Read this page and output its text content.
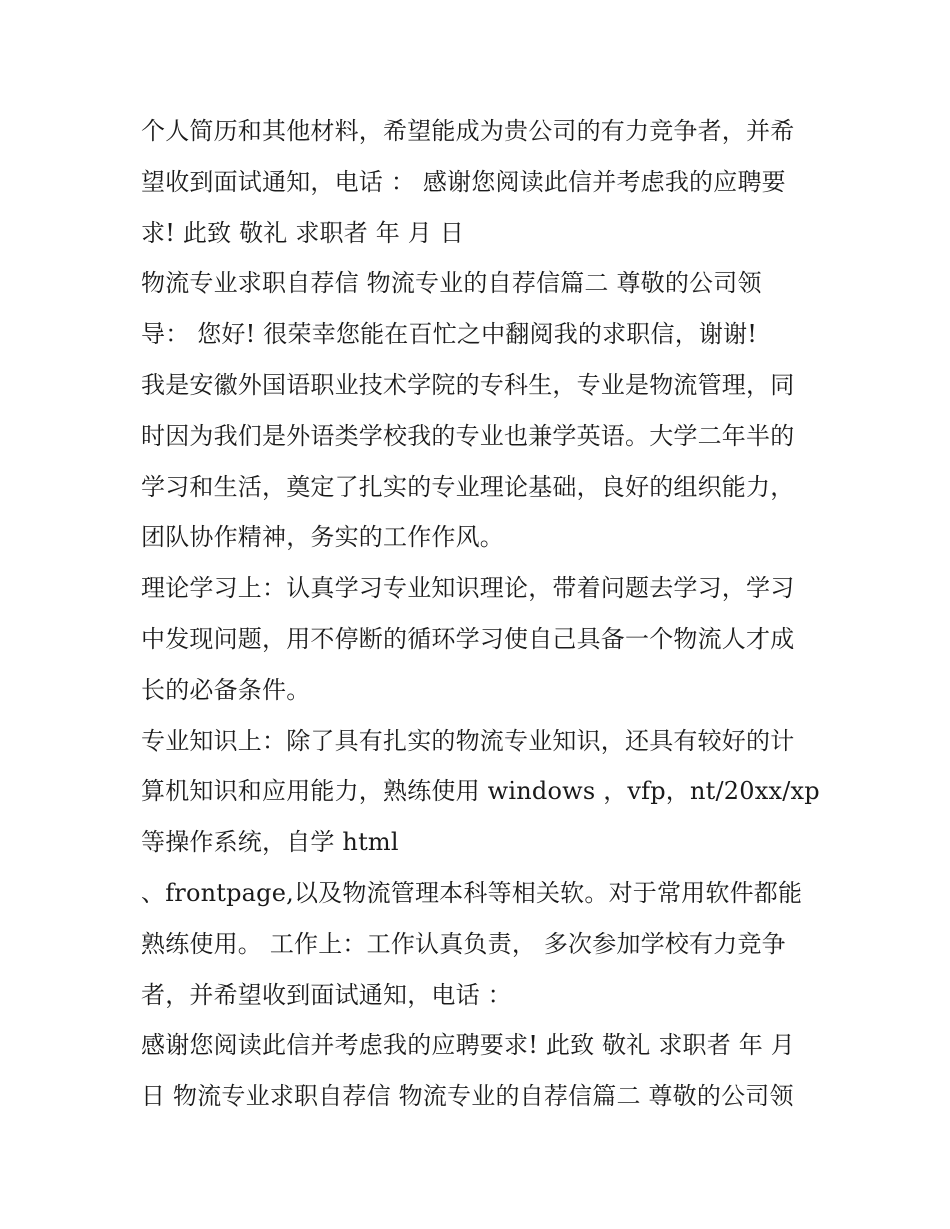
个人简历和其他材料，希望能成为贵公司的有力竞争者，并希
望收到面试通知，电话 ： 感谢您阅读此信并考虑我的应聘要
求! 此致 敬礼 求职者 年 月 日
物流专业求职自荐信 物流专业的自荐信篇二 尊敬的公司领
导： 您好! 很荣幸您能在百忙之中翻阅我的求职信，谢谢!
我是安徽外国语职业技术学院的专科生，专业是物流管理，同
时因为我们是外语类学校我的专业也兼学英语。大学二年半的
学习和生活，奠定了扎实的专业理论基础，良好的组织能力，
团队协作精神，务实的工作作风。
理论学习上：认真学习专业知识理论，带着问题去学习，学习
中发现问题，用不停断的循环学习使自己具备一个物流人才成
长的必备条件。
专业知识上：除了具有扎实的物流专业知识，还具有较好的计
算机知识和应用能力，熟练使用 windows ，vfp，nt/20xx/xp
等操作系统，自学 html
、frontpage,以及物流管理本科等相关软。对于常用软件都能
熟练使用。 工作上：工作认真负责， 多次参加学校有力竞争
者，并希望收到面试通知，电话 ：
感谢您阅读此信并考虑我的应聘要求! 此致 敬礼 求职者 年 月
日 物流专业求职自荐信 物流专业的自荐信篇二 尊敬的公司领
